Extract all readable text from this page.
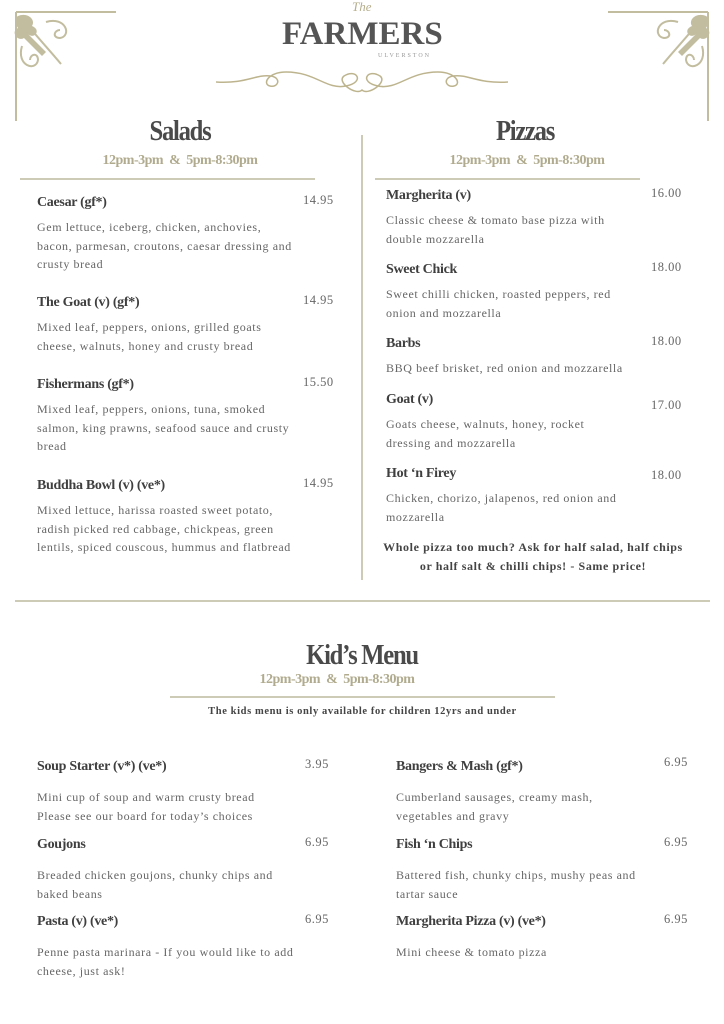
The
FARMERS
ULVERSTON
Salads
12pm-3pm  &  5pm-8:30pm
Caesar (gf*)	14.95
Gem lettuce, iceberg, chicken, anchovies, bacon, parmesan, croutons, caesar dressing and crusty bread
The Goat (v) (gf*)	14.95
Mixed leaf, peppers, onions, grilled goats cheese, walnuts, honey and crusty bread
Fishermans (gf*)	15.50
Mixed leaf, peppers, onions, tuna, smoked salmon, king prawns, seafood sauce and crusty bread
Buddha Bowl (v) (ve*)	14.95
Mixed lettuce, harissa roasted sweet potato, radish picked red cabbage, chickpeas, green lentils, spiced couscous, hummus and flatbread
Pizzas
12pm-3pm  &  5pm-8:30pm
Margherita (v)	16.00
Classic cheese & tomato base pizza with double mozzarella
Sweet Chick	18.00
Sweet chilli chicken, roasted peppers, red onion and mozzarella
Barbs	18.00
BBQ beef brisket, red onion and mozzarella
Goat (v)	17.00
Goats cheese, walnuts, honey, rocket dressing and mozzarella
Hot ‘n Firey	18.00
Chicken, chorizo, jalapenos, red onion and mozzarella
Whole pizza too much? Ask for half salad, half chips or half salt & chilli chips! - Same price!
Kid’s Menu
12pm-3pm  &  5pm-8:30pm
The kids menu is only available for children 12yrs and under
Soup Starter (v*) (ve*)	3.95
Mini cup of soup and warm crusty bread Please see our board for today’s choices
Goujons	6.95
Breaded chicken goujons, chunky chips and baked beans
Pasta (v) (ve*)	6.95
Penne pasta marinara - If you would like to add cheese, just ask!
Bangers & Mash (gf*)	6.95
Cumberland sausages, creamy mash, vegetables and gravy
Fish ‘n Chips	6.95
Battered fish, chunky chips, mushy peas and tartar sauce
Margherita Pizza (v) (ve*)	6.95
Mini cheese & tomato pizza
